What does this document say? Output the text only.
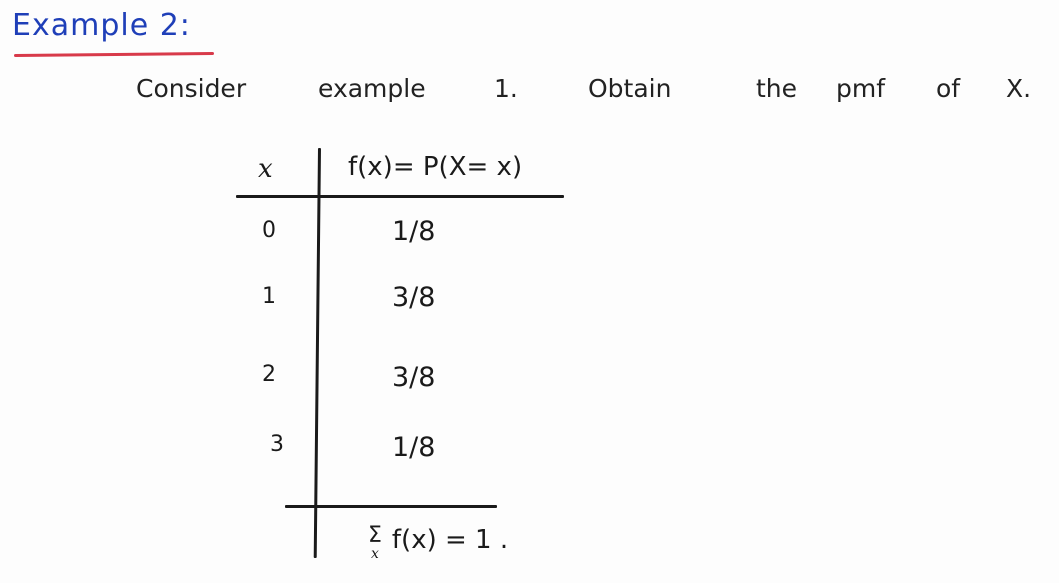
Example 2:
Consider	example	1.	Obtain	the pmf of X.
x	f(x)= P(X= x)
0	1/8
1	3/8
2	3/8
3	1/8
Σ
x f(x) = 1 .
